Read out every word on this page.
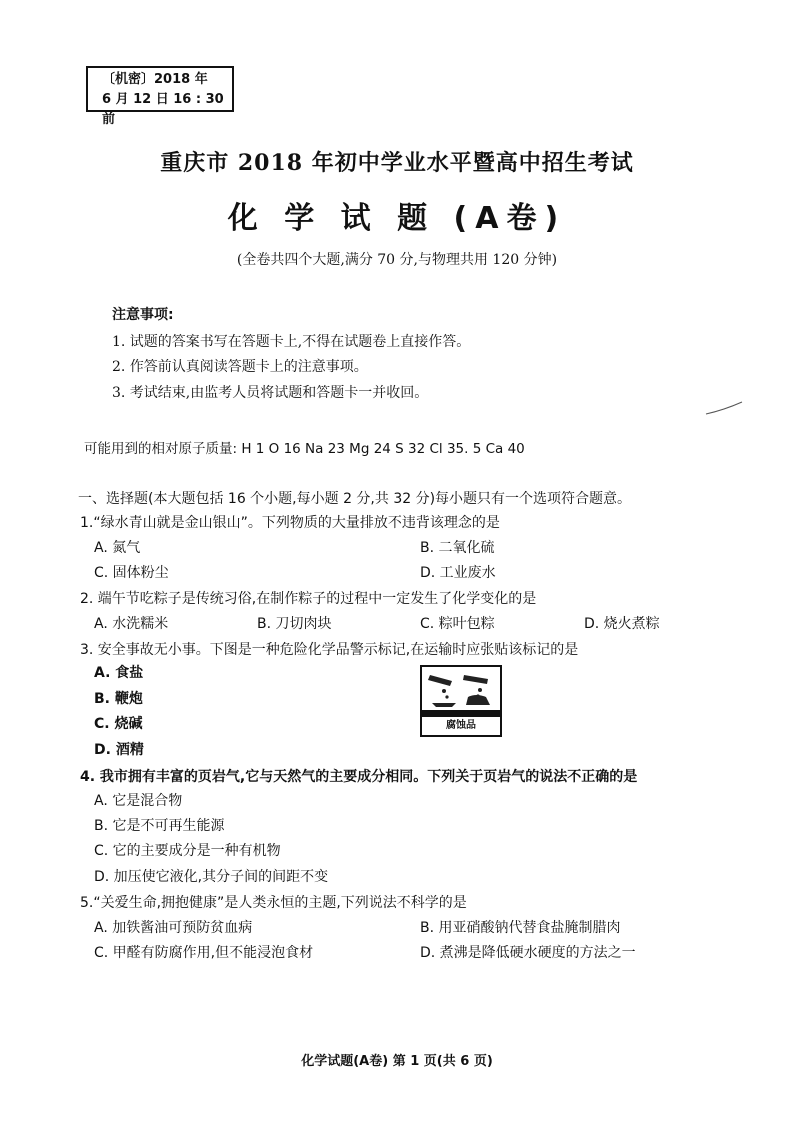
〔机密〕2018 年
6 月 12 日 16 : 30 前
重庆市 2018 年初中学业水平暨高中招生考试
化 学 试 题 (A卷)
(全卷共四个大题,满分 70 分,与物理共用 120 分钟)
注意事项:
1. 试题的答案书写在答题卡上,不得在试题卷上直接作答。
2. 作答前认真阅读答题卡上的注意事项。
3. 考试结束,由监考人员将试题和答题卡一并收回。
可能用到的相对原子质量: H 1 O 16 Na 23 Mg 24 S 32 Cl 35. 5 Ca 40
一、选择题(本大题包括 16 个小题,每小题 2 分,共 32 分)每小题只有一个选项符合题意。
1.“绿水青山就是金山银山”。下列物质的大量排放不违背该理念的是
A. 氮气	B. 二氧化硫
C. 固体粉尘	D. 工业废水
2. 端午节吃粽子是传统习俗,在制作粽子的过程中一定发生了化学变化的是
A. 水洗糯米	B. 刀切肉块	C. 粽叶包粽	D. 烧火煮粽
3. 安全事故无小事。下图是一种危险化学品警示标记,在运输时应张贴该标记的是
A. 食盐
B. 鞭炮
C. 烧碱
D. 酒精
腐蚀品
4. 我市拥有丰富的页岩气,它与天然气的主要成分相同。下列关于页岩气的说法不正确的是
A. 它是混合物
B. 它是不可再生能源
C. 它的主要成分是一种有机物
D. 加压使它液化,其分子间的间距不变
5.“关爱生命,拥抱健康”是人类永恒的主题,下列说法不科学的是
A. 加铁酱油可预防贫血病	B. 用亚硝酸钠代替食盐腌制腊肉
C. 甲醛有防腐作用,但不能浸泡食材	D. 煮沸是降低硬水硬度的方法之一
化学试题(A卷) 第 1 页(共 6 页)
